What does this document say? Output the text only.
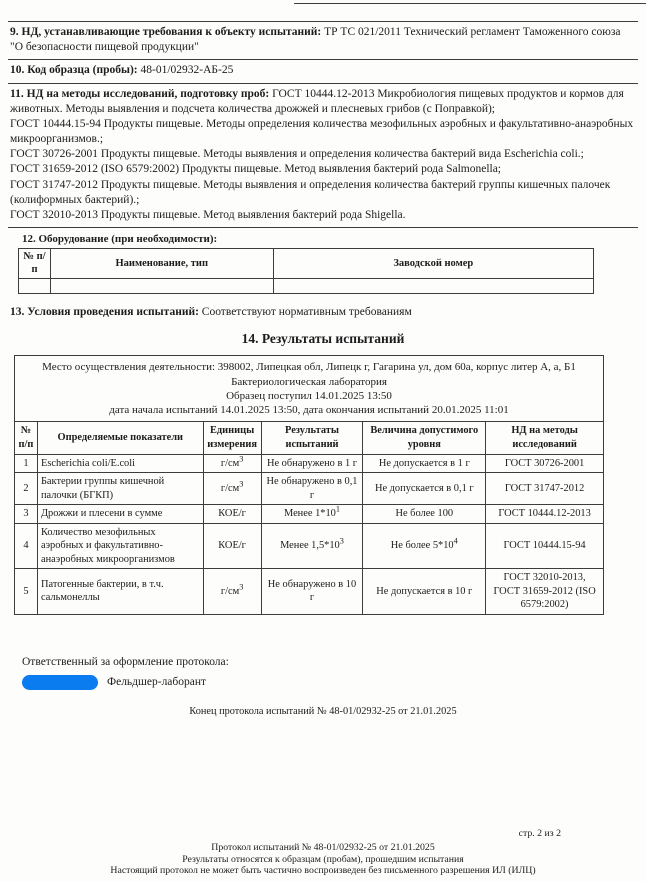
9. НД, устанавливающие требования к объекту испытаний: ТР ТС 021/2011 Технический регламент Таможенного союза "О безопасности пищевой продукции"
10. Код образца (пробы): 48-01/02932-АБ-25
11. НД на методы исследований, подготовку проб: ГОСТ 10444.12-2013 Микробиология пищевых продуктов и кормов для животных. Методы выявления и подсчета количества дрожжей и плесневых грибов (с Поправкой);
ГОСТ 10444.15-94 Продукты пищевые. Методы определения количества мезофильных аэробных и факультативно-анаэробных микроорганизмов.;
ГОСТ 30726-2001 Продукты пищевые. Методы выявления и определения количества бактерий вида Escherichia coli.;
ГОСТ 31659-2012 (ISO 6579:2002) Продукты пищевые. Метод выявления бактерий рода Salmonella;
ГОСТ 31747-2012 Продукты пищевые. Методы выявления и определения количества бактерий группы кишечных палочек (колиформных бактерий).;
ГОСТ 32010-2013 Продукты пищевые. Метод выявления бактерий рода Shigella.
12. Оборудование (при необходимости):
№ п/п	Наименование, тип	Заводской номер

13. Условия проведения испытаний: Соответствуют нормативным требованиям
14. Результаты испытаний
Место осуществления деятельности: 398002, Липецкая обл, Липецк г, Гагарина ул, дом 60а, корпус литер А, а, Б1
Бактериологическая лаборатория
Образец поступил 14.01.2025 13:50
дата начала испытаний 14.01.2025 13:50, дата окончания испытаний 20.01.2025 11:01					

№ п/п	Определяемые показатели	Единицы измерения	Результаты испытаний	Величина допустимого уровня	НД на методы исследований
1	Escherichia coli/E.coli	$г/см^3$	Не обнаружено в 1 г	Не допускается в 1 г	ГОСТ 30726-2001
2	Бактерии группы кишечной палочки (БГКП)	$г/см^3$	Не обнаружено в 0,1 г	Не допускается в 0,1 г	ГОСТ 31747-2012
3	Дрожжи и плесени в сумме	КОЕ/г	Менее $1*10^1$	Не более 100	ГОСТ 10444.12-2013
4	Количество мезофильных аэробных и факультативно-анаэробных микроорганизмов	КОЕ/г	Менее $1,5*10^3$	Не более $5*10^4$	ГОСТ 10444.15-94
5	Патогенные бактерии, в т.ч. сальмонеллы	$г/см^3$	Не обнаружено в 10 г	Не допускается в 10 г	ГОСТ 32010-2013, ГОСТ 31659-2012 (ISO 6579:2002)
Ответственный за оформление протокола:
Фельдшер-лаборант
Конец протокола испытаний № 48-01/02932-25 от 21.01.2025
стр. 2 из 2
Протокол испытаний № 48-01/02932-25 от 21.01.2025
Результаты относятся к образцам (пробам), прошедшим испытания
Настоящий протокол не может быть частично воспроизведен без письменного разрешения ИЛ (ИЛЦ)
